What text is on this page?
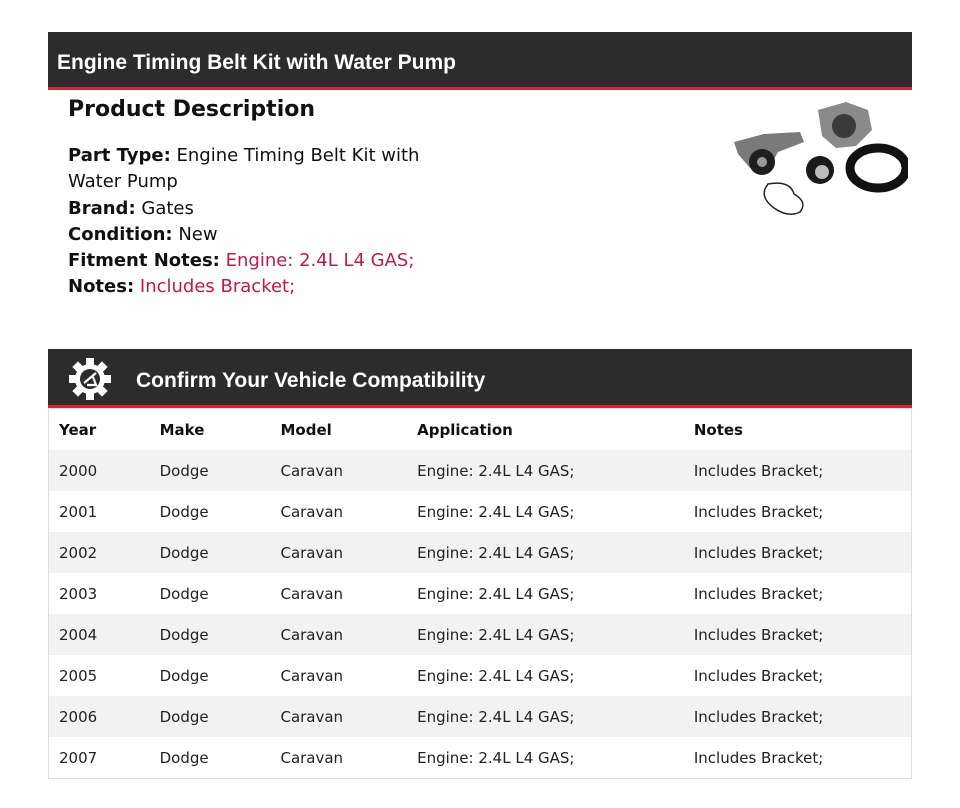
Engine Timing Belt Kit with Water Pump
Product Description

Part Type: Engine Timing Belt Kit with Water Pump

Brand: Gates

Condition: New

Fitment Notes: Engine: 2.4L L4 GAS;

Notes: Includes Bracket;

Confirm Your Vehicle Compatibility
Year	Make	Model	Application	Notes
2000	Dodge	Caravan	Engine: 2.4L L4 GAS;	Includes Bracket;
2001	Dodge	Caravan	Engine: 2.4L L4 GAS;	Includes Bracket;
2002	Dodge	Caravan	Engine: 2.4L L4 GAS;	Includes Bracket;
2003	Dodge	Caravan	Engine: 2.4L L4 GAS;	Includes Bracket;
2004	Dodge	Caravan	Engine: 2.4L L4 GAS;	Includes Bracket;
2005	Dodge	Caravan	Engine: 2.4L L4 GAS;	Includes Bracket;
2006	Dodge	Caravan	Engine: 2.4L L4 GAS;	Includes Bracket;
2007	Dodge	Caravan	Engine: 2.4L L4 GAS;	Includes Bracket;
